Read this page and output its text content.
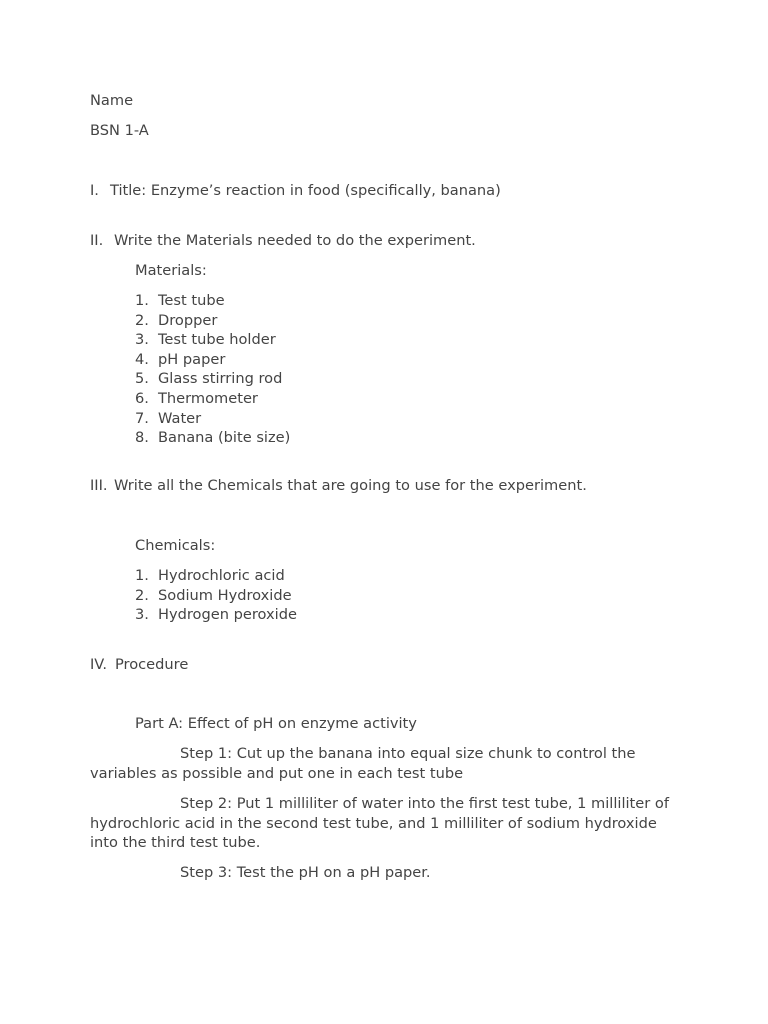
Name
BSN 1-A
I. Title: Enzyme’s reaction in food (specifically, banana)
II. Write the Materials needed to do the experiment.
Materials:
1. Test tube
2. Dropper
3. Test tube holder
4. pH paper
5. Glass stirring rod
6. Thermometer
7. Water
8. Banana (bite size)
III. Write all the Chemicals that are going to use for the experiment.
Chemicals:
1. Hydrochloric acid
2. Sodium Hydroxide
3. Hydrogen peroxide
IV. Procedure
Part A: Effect of pH on enzyme activity
Step 1: Cut up the banana into equal size chunk to control the variables as possible and put one in each test tube
Step 2: Put 1 milliliter of water into the first test tube, 1 milliliter of hydrochloric acid in the second test tube, and 1 milliliter of sodium hydroxide into the third test tube.
Step 3: Test the pH on a pH paper.
